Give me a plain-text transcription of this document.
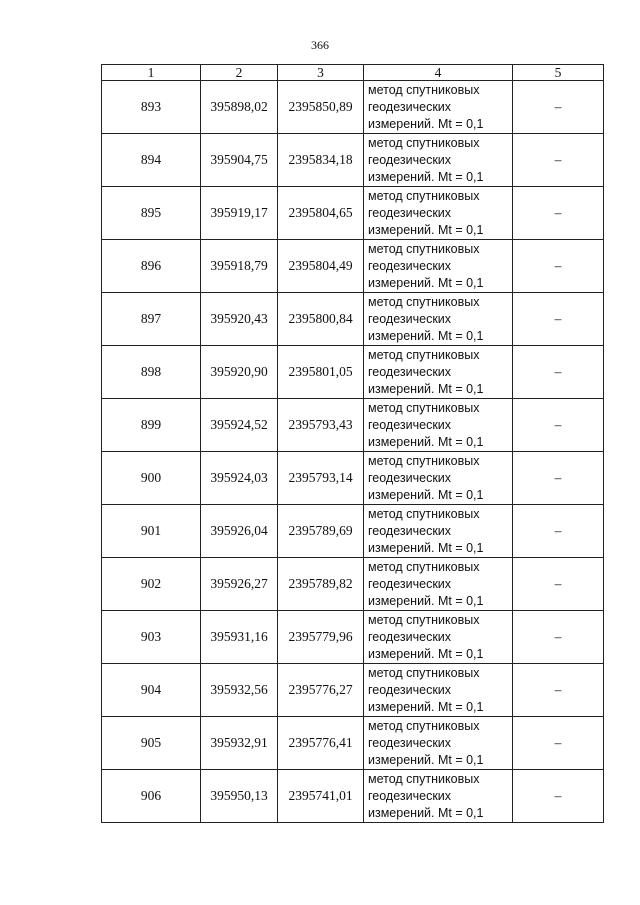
366
1	2	3	4	5
893	395898,02	2395850,89	метод спутниковых
геодезических
измерений. Mt = 0,1	–
894	395904,75	2395834,18	метод спутниковых
геодезических
измерений. Mt = 0,1	–
895	395919,17	2395804,65	метод спутниковых
геодезических
измерений. Mt = 0,1	–
896	395918,79	2395804,49	метод спутниковых
геодезических
измерений. Mt = 0,1	–
897	395920,43	2395800,84	метод спутниковых
геодезических
измерений. Mt = 0,1	–
898	395920,90	2395801,05	метод спутниковых
геодезических
измерений. Mt = 0,1	–
899	395924,52	2395793,43	метод спутниковых
геодезических
измерений. Mt = 0,1	–
900	395924,03	2395793,14	метод спутниковых
геодезических
измерений. Mt = 0,1	–
901	395926,04	2395789,69	метод спутниковых
геодезических
измерений. Mt = 0,1	–
902	395926,27	2395789,82	метод спутниковых
геодезических
измерений. Mt = 0,1	–
903	395931,16	2395779,96	метод спутниковых
геодезических
измерений. Mt = 0,1	–
904	395932,56	2395776,27	метод спутниковых
геодезических
измерений. Mt = 0,1	–
905	395932,91	2395776,41	метод спутниковых
геодезических
измерений. Mt = 0,1	–
906	395950,13	2395741,01	метод спутниковых
геодезических
измерений. Mt = 0,1	–
